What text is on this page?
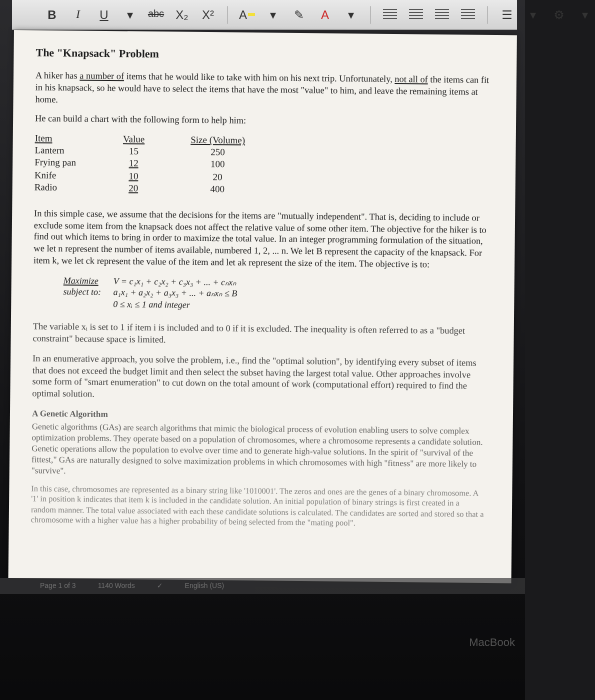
B	I	U	▾	abc X₂	X²	A	▾	✎	A	▾	☰	▾	⚙	▾
The "Knapsack" Problem

A hiker has a number of items that he would like to take with him on his next trip. Unfortunately, not all of the items can fit in his knapsack, so he would have to select the items that have the most "value" to him, and leave the remaining items at home.

He can build a chart with the following form to help him:

Item	Value	Size (Volume)
Lantern	15	250
Frying pan	12	100
Knife	10	20
Radio	20	400

In this simple case, we assume that the decisions for the items are "mutually independent". That is, deciding to include or exclude some item from the knapsack does not affect the relative value of some other item. The objective for the hiker is to find out which items to bring in order to maximize the total value. In an integer programming formulation of the situation, we let n represent the number of items available, numbered 1, 2, ... n. We let B represent the capacity of the knapsack. For item k, we let ck represent the value of the item and let ak represent the size of the item. The objective is to:

Maximize	V = c₁x₁ + c₂x₂ + c₃x₃ + ... + cₙxₙ
subject to:	a₁x₁ + a₂x₂ + a₃x₃ + ... + aₙxₙ ≤ B
0 ≤ xᵢ ≤ 1 and integer

The variable xᵢ is set to 1 if item i is included and to 0 if it is excluded. The inequality is often referred to as a "budget constraint" because space is limited.

In an enumerative approach, you solve the problem, i.e., find the "optimal solution", by identifying every subset of items that does not exceed the budget limit and then select the subset having the largest total value. Other approaches involve some form of "smart enumeration" to cut down on the total amount of work (computational effort) required to find the optimal solution.

A Genetic Algorithm

Genetic algorithms (GAs) are search algorithms that mimic the biological process of evolution enabling users to solve complex optimization problems. They operate based on a population of chromosomes, where a chromosome represents a candidate solution. Genetic operations allow the population to evolve over time and to generate high-value solutions. In the spirit of "survival of the fittest," GAs are naturally designed to solve maximization problems in which chromosomes with high "fitness" are more likely to "survive".

In this case, chromosomes are represented as a binary string like '1010001'. The zeros and ones are the genes of a binary chromosome. A '1' in position k indicates that item k is included in the candidate solution. An initial population of binary strings is first created in a random manner. The total value associated with each these candidate solutions is calculated. The candidates are sorted and stored so that a chromosome with a higher value has a higher probability of being selected from the "mating pool".

Page 1 of 3	1140 Words	✓	English (US)
MacBook
